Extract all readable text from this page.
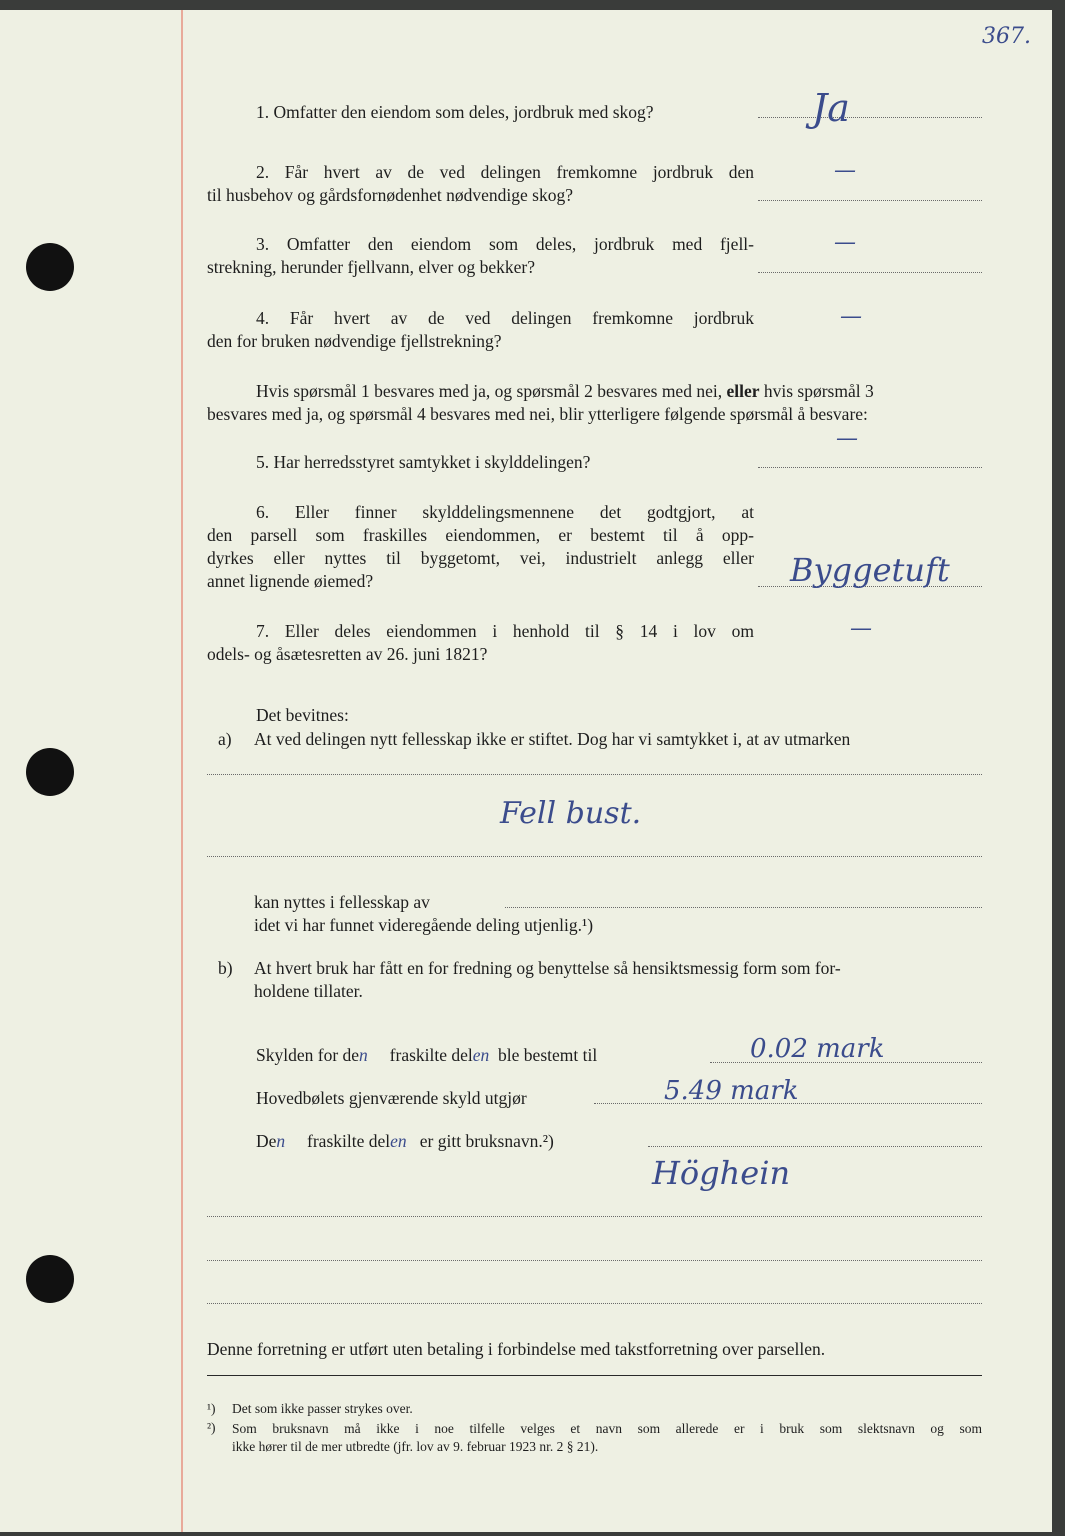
367.
1. Omfatter den eiendom som deles, jordbruk med skog?	Ja
2. Får hvert av de ved delingen fremkomne jordbruk den
til husbehov og gårdsfornødenhet nødvendige skog?
—
3. Omfatter den eiendom som deles, jordbruk med fjell-
strekning, herunder fjellvann, elver og bekker?
—
4. Får hvert av de ved delingen fremkomne jordbruk
den for bruken nødvendige fjellstrekning?
—
Hvis spørsmål 1 besvares med ja, og spørsmål 2 besvares med nei, eller hvis spørsmål 3
besvares med ja, og spørsmål 4 besvares med nei, blir ytterligere følgende spørsmål å besvare:
5. Har herredsstyret samtykket i skylddelingen?
—
6. Eller finner skylddelingsmennene det godtgjort, at
den parsell som fraskilles eiendommen, er bestemt til å opp-
dyrkes eller nyttes til byggetomt, vei, industrielt anlegg eller
annet lignende øiemed?	Byggetuft
7. Eller deles eiendommen i henhold til § 14 i lov om
odels- og åsætesretten av 26. juni 1821?
—
Det bevitnes:
a) At ved delingen nytt fellesskap ikke er stiftet. Dog har vi samtykket i, at av utmarken
Fell bust.
kan nyttes i fellesskap av
idet vi har funnet videregående deling utjenlig.¹)
b) At hvert bruk har fått en for fredning og benyttelse så hensiktsmessig form som for-
holdene tillater.
Skylden for den fraskilte delen ble bestemt til	0.02 mark
Hovedbølets gjenværende skyld utgjør	5.49 mark
Den fraskilte delen er gitt bruksnavn.²)
Höghein
Denne forretning er utført uten betaling i forbindelse med takstforretning over parsellen.
¹) Det som ikke passer strykes over.
²) Som bruksnavn må ikke i noe tilfelle velges et navn som allerede er i bruk som slektsnavn og som
ikke hører til de mer utbredte (jfr. lov av 9. februar 1923 nr. 2 § 21).
